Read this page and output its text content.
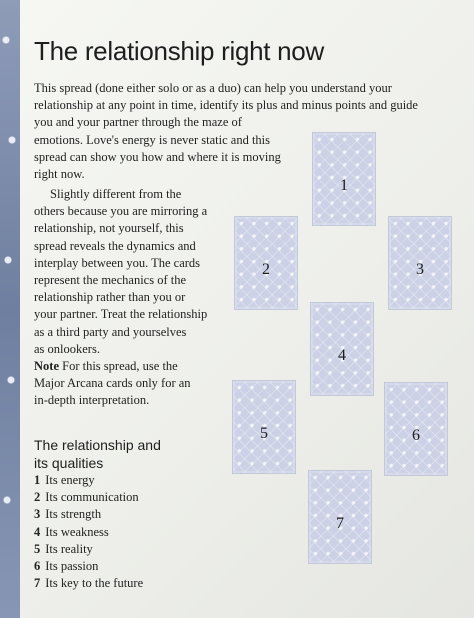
The relationship right now

This spread (done either solo or as a duo) can help you understand your
relationship at any point in time, identify its plus and minus points and guide
you and your partner through the maze of
emotions. Love's energy is never static and this
spread can show you how and where it is moving
right now.

Slightly different from the
others because you are mirroring a
relationship, not yourself, this
spread reveals the dynamics and
interplay between you. The cards
represent the mechanics of the
relationship rather than you or
your partner. Treat the relationship
as a third party and yourselves
as onlookers.
Note For this spread, use the
Major Arcana cards only for an
in-depth interpretation.

The relationship and
its qualities
1 Its energy
2 Its communication
3 Its strength
4 Its weakness
5 Its reality
6 Its passion
7 Its key to the future
1
2	3
4
5	6
7
